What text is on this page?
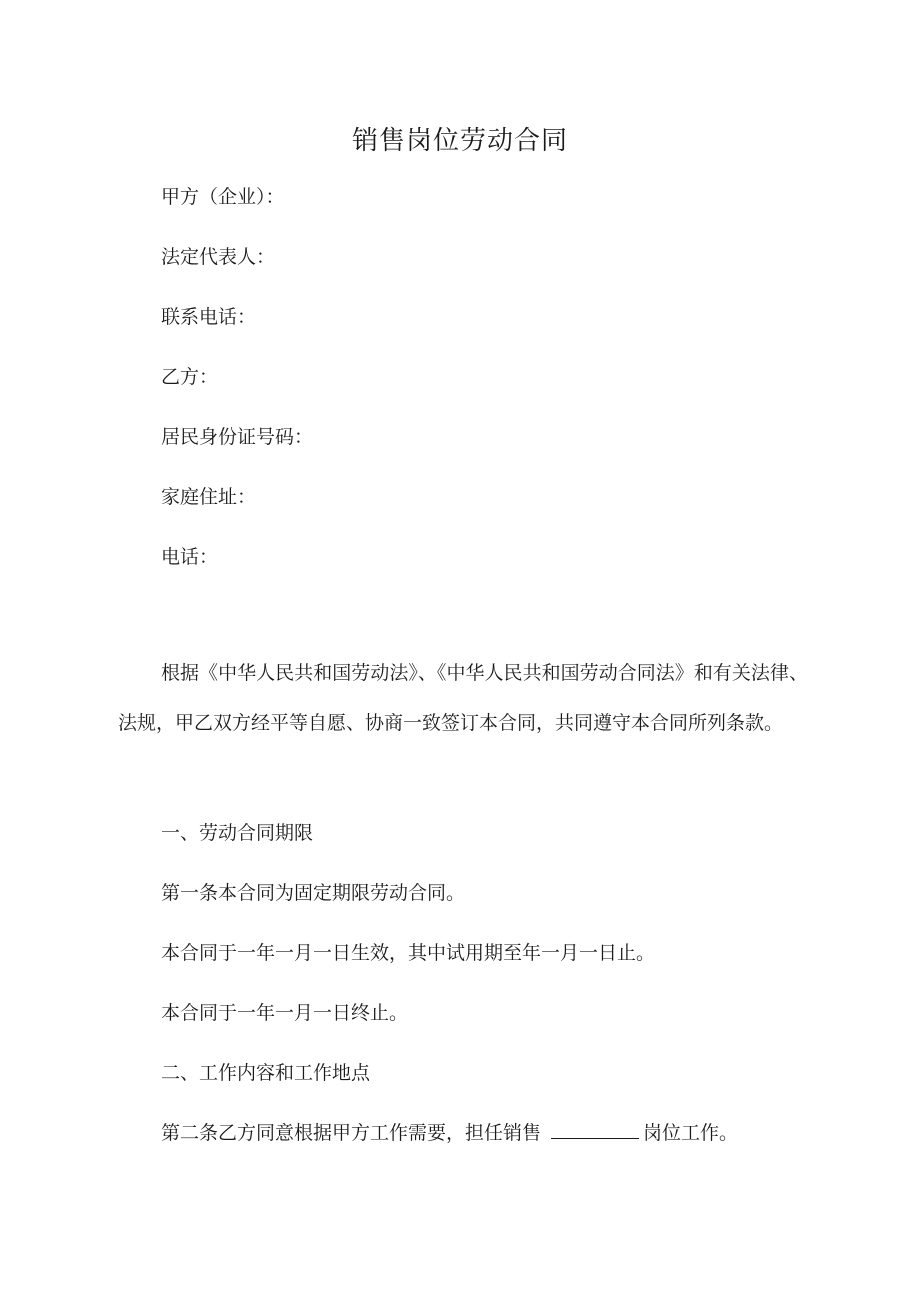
销售岗位劳动合同
甲方（企业）：
法定代表人：
联系电话：
乙方：
居民身份证号码：
家庭住址：
电话：
根据《中华人民共和国劳动法》、《中华人民共和国劳动合同法》和有关法律、法规，甲乙双方经平等自愿、协商一致签订本合同，共同遵守本合同所列条款。
一、劳动合同期限
第一条本合同为固定期限劳动合同。
本合同于一年一月一日生效，其中试用期至年一月一日止。
本合同于一年一月一日终止。
二、工作内容和工作地点
第二条乙方同意根据甲方工作需要，担任销售	岗位工作。
